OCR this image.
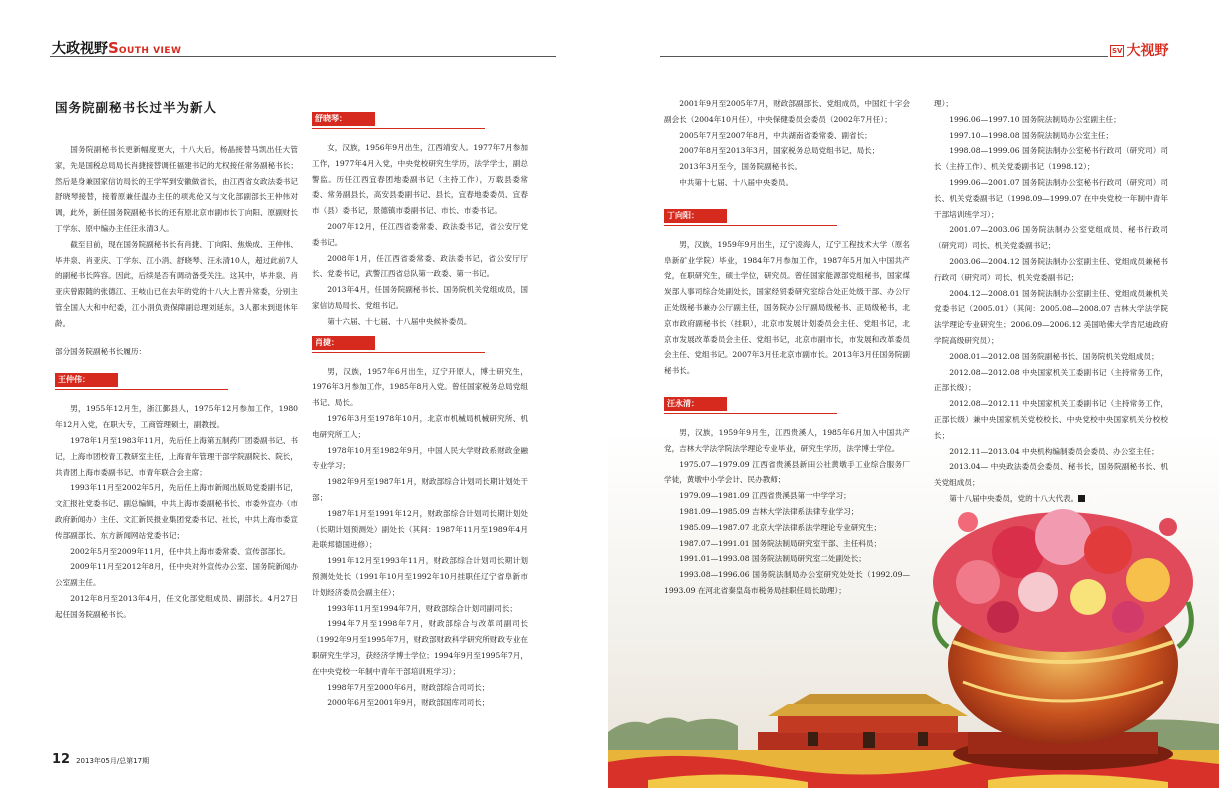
大政视野SOUTH VIEW	SV 大视野
国务院副秘书长过半为新人

国务院副秘书长更新幅度更大，十八大后，杨晶接替马凯出任大管家，先是国税总局局长肖捷接替调任福建书记的尤权接任常务副秘书长；然后是身兼国家信访局长的王学军到安徽做省长，由江西省女政法委书记舒晓琴接替，接着原兼任温办主任的项兆伦又与文化部副部长王仲伟对调，此外，新任国务院副秘书长的还有原北京市副市长丁向阳、原副财长丁学东、原中编办主任汪永清3人。

截至目前，现在国务院副秘书长有肖捷、丁向阳、焦焕成、王仲伟、毕井泉、肖亚庆、丁学东、江小涓、舒晓琴、汪永清10人，超过此前7人的副秘书长阵容。因此，后续是否有调动备受关注。这其中，毕井泉、肖亚庆曾跟随的张德江、王岐山已在去年的党的十八大上晋升常委，分别主管全国人大和中纪委，江小涓负责保障副总理刘延东，3人都未到退休年龄。

部分国务院副秘书长履历：

王仲伟：

男，1955年12月生，浙江鄞县人，1975年12月参加工作，1980年12月入党，在职大专，工商管理硕士，副教授。

1978年1月至1983年11月，先后任上海第五制药厂团委副书记、书记，上海市团校青工教研室主任，上海青年管理干部学院副院长、院长，共青团上海市委副书记、市青年联合会主席；

1993年11月至2002年5月，先后任上海市新闻出版局党委副书记，文汇报社党委书记、副总编辑，中共上海市委副秘书长、市委外宣办（市政府新闻办）主任、文汇新民报业集团党委书记、社长，中共上海市委宣传部副部长、东方新闻网站党委书记；

2002年5月至2009年11月，任中共上海市委常委、宣传部部长。

2009年11月至2012年8月，任中央对外宣传办公室、国务院新闻办公室副主任。

2012年8月至2013年4月，任文化部党组成员、副部长。4月27日起任国务院副秘书长。

舒晓琴：

女，汉族，1956年9月出生，江西靖安人。1977年7月参加工作，1977年4月入党，中央党校研究生学历，法学学士，副总警监。历任江西宜春团地委副书记（主持工作），万载县委常委、常务副县长，高安县委副书记、县长，宜春地委委员、宜春市（县）委书记，景德镇市委副书记、市长、市委书记。

2007年12月，任江西省委常委、政法委书记，省公安厅党委书记。

2008年1月，任江西省委常委、政法委书记，省公安厅厅长、党委书记，武警江西省总队第一政委、第一书记。

2013年4月，任国务院副秘书长、国务院机关党组成员，国家信访局局长、党组书记。

第十六届、十七届、十八届中央候补委员。

肖捷：

男，汉族，1957年6月出生，辽宁开原人，博士研究生，1976年3月参加工作，1985年8月入党。曾任国家税务总局党组书记、局长。

1976年3月至1978年10月，北京市机械局机械研究所、机电研究所工人；

1978年10月至1982年9月，中国人民大学财政系财政金融专业学习；

1982年9月至1987年1月，财政部综合计划司长期计划处干部；

1987年1月至1991年12月，财政部综合计划司长期计划处（长期计划预测处）副处长（其间：1987年11月至1989年4月赴联邦德国进修）；

1991年12月至1993年11月，财政部综合计划司长期计划预测处处长（1991年10月至1992年10月挂职任辽宁省阜新市计划经济委员会副主任）；

1993年11月至1994年7月，财政部综合计划司副司长；

1994年7月至1998年7月，财政部综合与改革司副司长（1992年9月至1995年7月，财政部财政科学研究所财政专业在职研究生学习，获经济学博士学位；1994年9月至1995年7月，在中央党校一年制中青年干部培训班学习）；

1998年7月至2000年6月，财政部综合司司长；

2000年6月至2001年9月，财政部国库司司长；

2001年9月至2005年7月，财政部副部长、党组成员，中国红十字会副会长（2004年10月任），中央保健委员会委员（2002年7月任）；

2005年7月至2007年8月，中共湖南省委常委、副省长；

2007年8月至2013年3月，国家税务总局党组书记、局长；

2013年3月至今，国务院副秘书长。

中共第十七届、十八届中央委员。

丁向阳：

男，汉族，1959年9月出生，辽宁凌海人，辽宁工程技术大学（原名阜新矿业学院）毕业，1984年7月参加工作，1987年5月加入中国共产党，在职研究生，硕士学位，研究员。曾任国家能源部党组秘书，国家煤炭部人事司综合处副处长，国家经贸委研究室综合处正处级干部、办公厅正处级秘书兼办公厅副主任，国务院办公厅副局级秘书、正局级秘书，北京市政府副秘书长（挂职），北京市发展计划委员会主任、党组书记，北京市发展改革委员会主任、党组书记，北京市副市长，市发展和改革委员会主任、党组书记。2007年3月任北京市副市长。2013年3月任国务院副秘书长。

汪永清：

男，汉族，1959年9月生，江西贵溪人，1985年6月加入中国共产党，吉林大学法学院法学理论专业毕业，研究生学历，法学博士学位。

1975.07—1979.09 江西省贵溪县新田公社黄墩手工业综合服务厂学徒，黄墩中小学会计、民办教师；

1979.09—1981.09 江西省贵溪县第一中学学习；

1981.09—1985.09 吉林大学法律系法律专业学习；

1985.09—1987.07 北京大学法律系法学理论专业研究生；

1987.07—1991.01 国务院法制局研究室干部、主任科员；

1991.01—1993.08 国务院法制局研究室二处副处长；

1993.08—1996.06 国务院法制局办公室研究处处长（1992.09—1993.09 在河北省秦皇岛市税务局挂职任局长助理）；

理）；

1996.06—1997.10 国务院法制局办公室副主任；

1997.10—1998.08 国务院法制局办公室主任；

1998.08—1999.06 国务院法制办公室秘书行政司（研究司）司长（主持工作）、机关党委副书记（1998.12）；

1999.06—2001.07 国务院法制办公室秘书行政司（研究司）司长、机关党委副书记（1998.09—1999.07 在中央党校一年制中青年干部培训班学习）；

2001.07—2003.06 国务院法制办公室党组成员、秘书行政司（研究司）司长、机关党委副书记；

2003.06—2004.12 国务院法制办公室副主任、党组成员兼秘书行政司（研究司）司长、机关党委副书记；

2004.12—2008.01 国务院法制办公室副主任、党组成员兼机关党委书记（2005.01）（其间：2005.08—2008.07 吉林大学法学院法学理论专业研究生；2006.09—2006.12 美国哈佛大学肯尼迪政府学院高级研究员）；

2008.01—2012.08 国务院副秘书长、国务院机关党组成员；

2012.08—2012.08 中央国家机关工委副书记（主持常务工作，正部长级）；

2012.08—2012.11 中央国家机关工委副书记（主持常务工作，正部长级）兼中央国家机关党校校长、中央党校中央国家机关分校校长；

2012.11—2013.04 中央机构编制委员会委员、办公室主任；

2013.04— 中央政法委员会委员、秘书长，国务院副秘书长、机关党组成员；

第十八届中央委员，党的十八大代表。	V

12 2013年05月/总第17期
